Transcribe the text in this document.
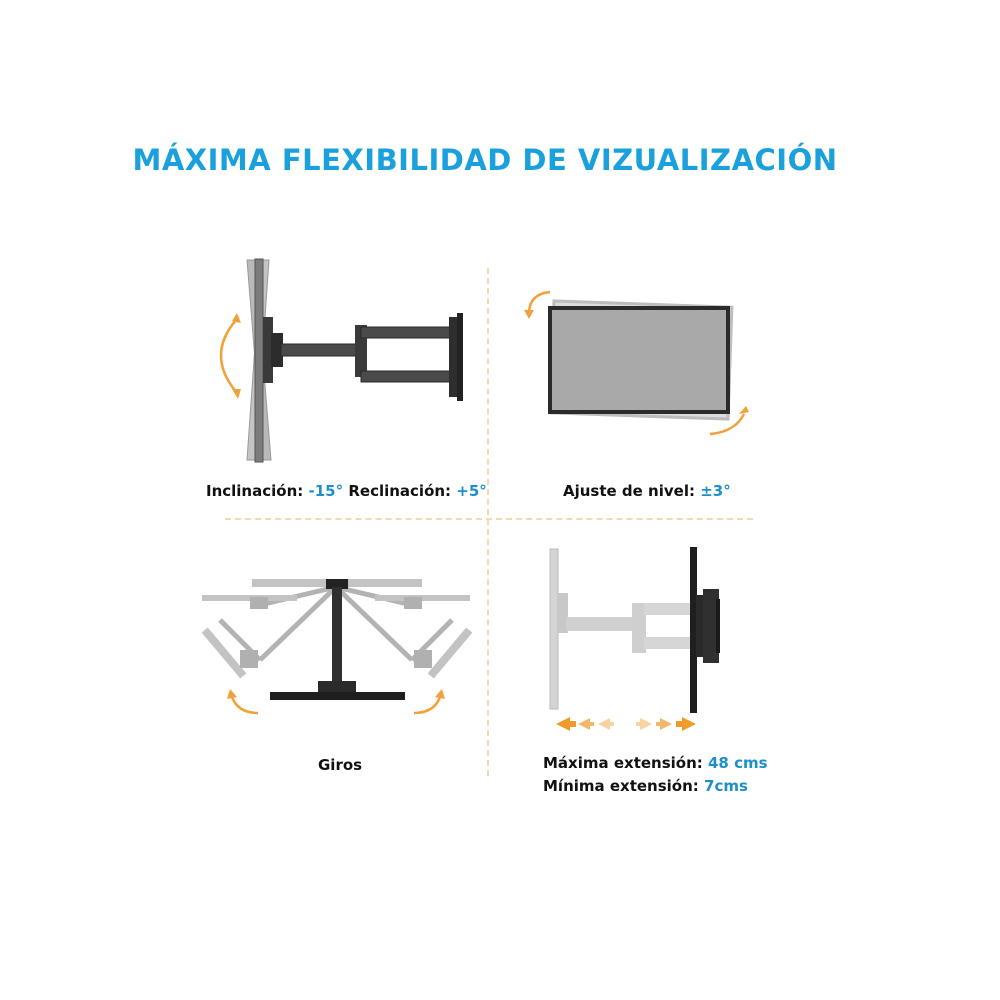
MÁXIMA FLEXIBILIDAD DE VIZUALIZACIÓN
Inclinación: -15° Reclinación: +5°	Ajuste de nivel: ±3°
Giros	Máxima extensión: 48 cms
Mínima extensión: 7cms
